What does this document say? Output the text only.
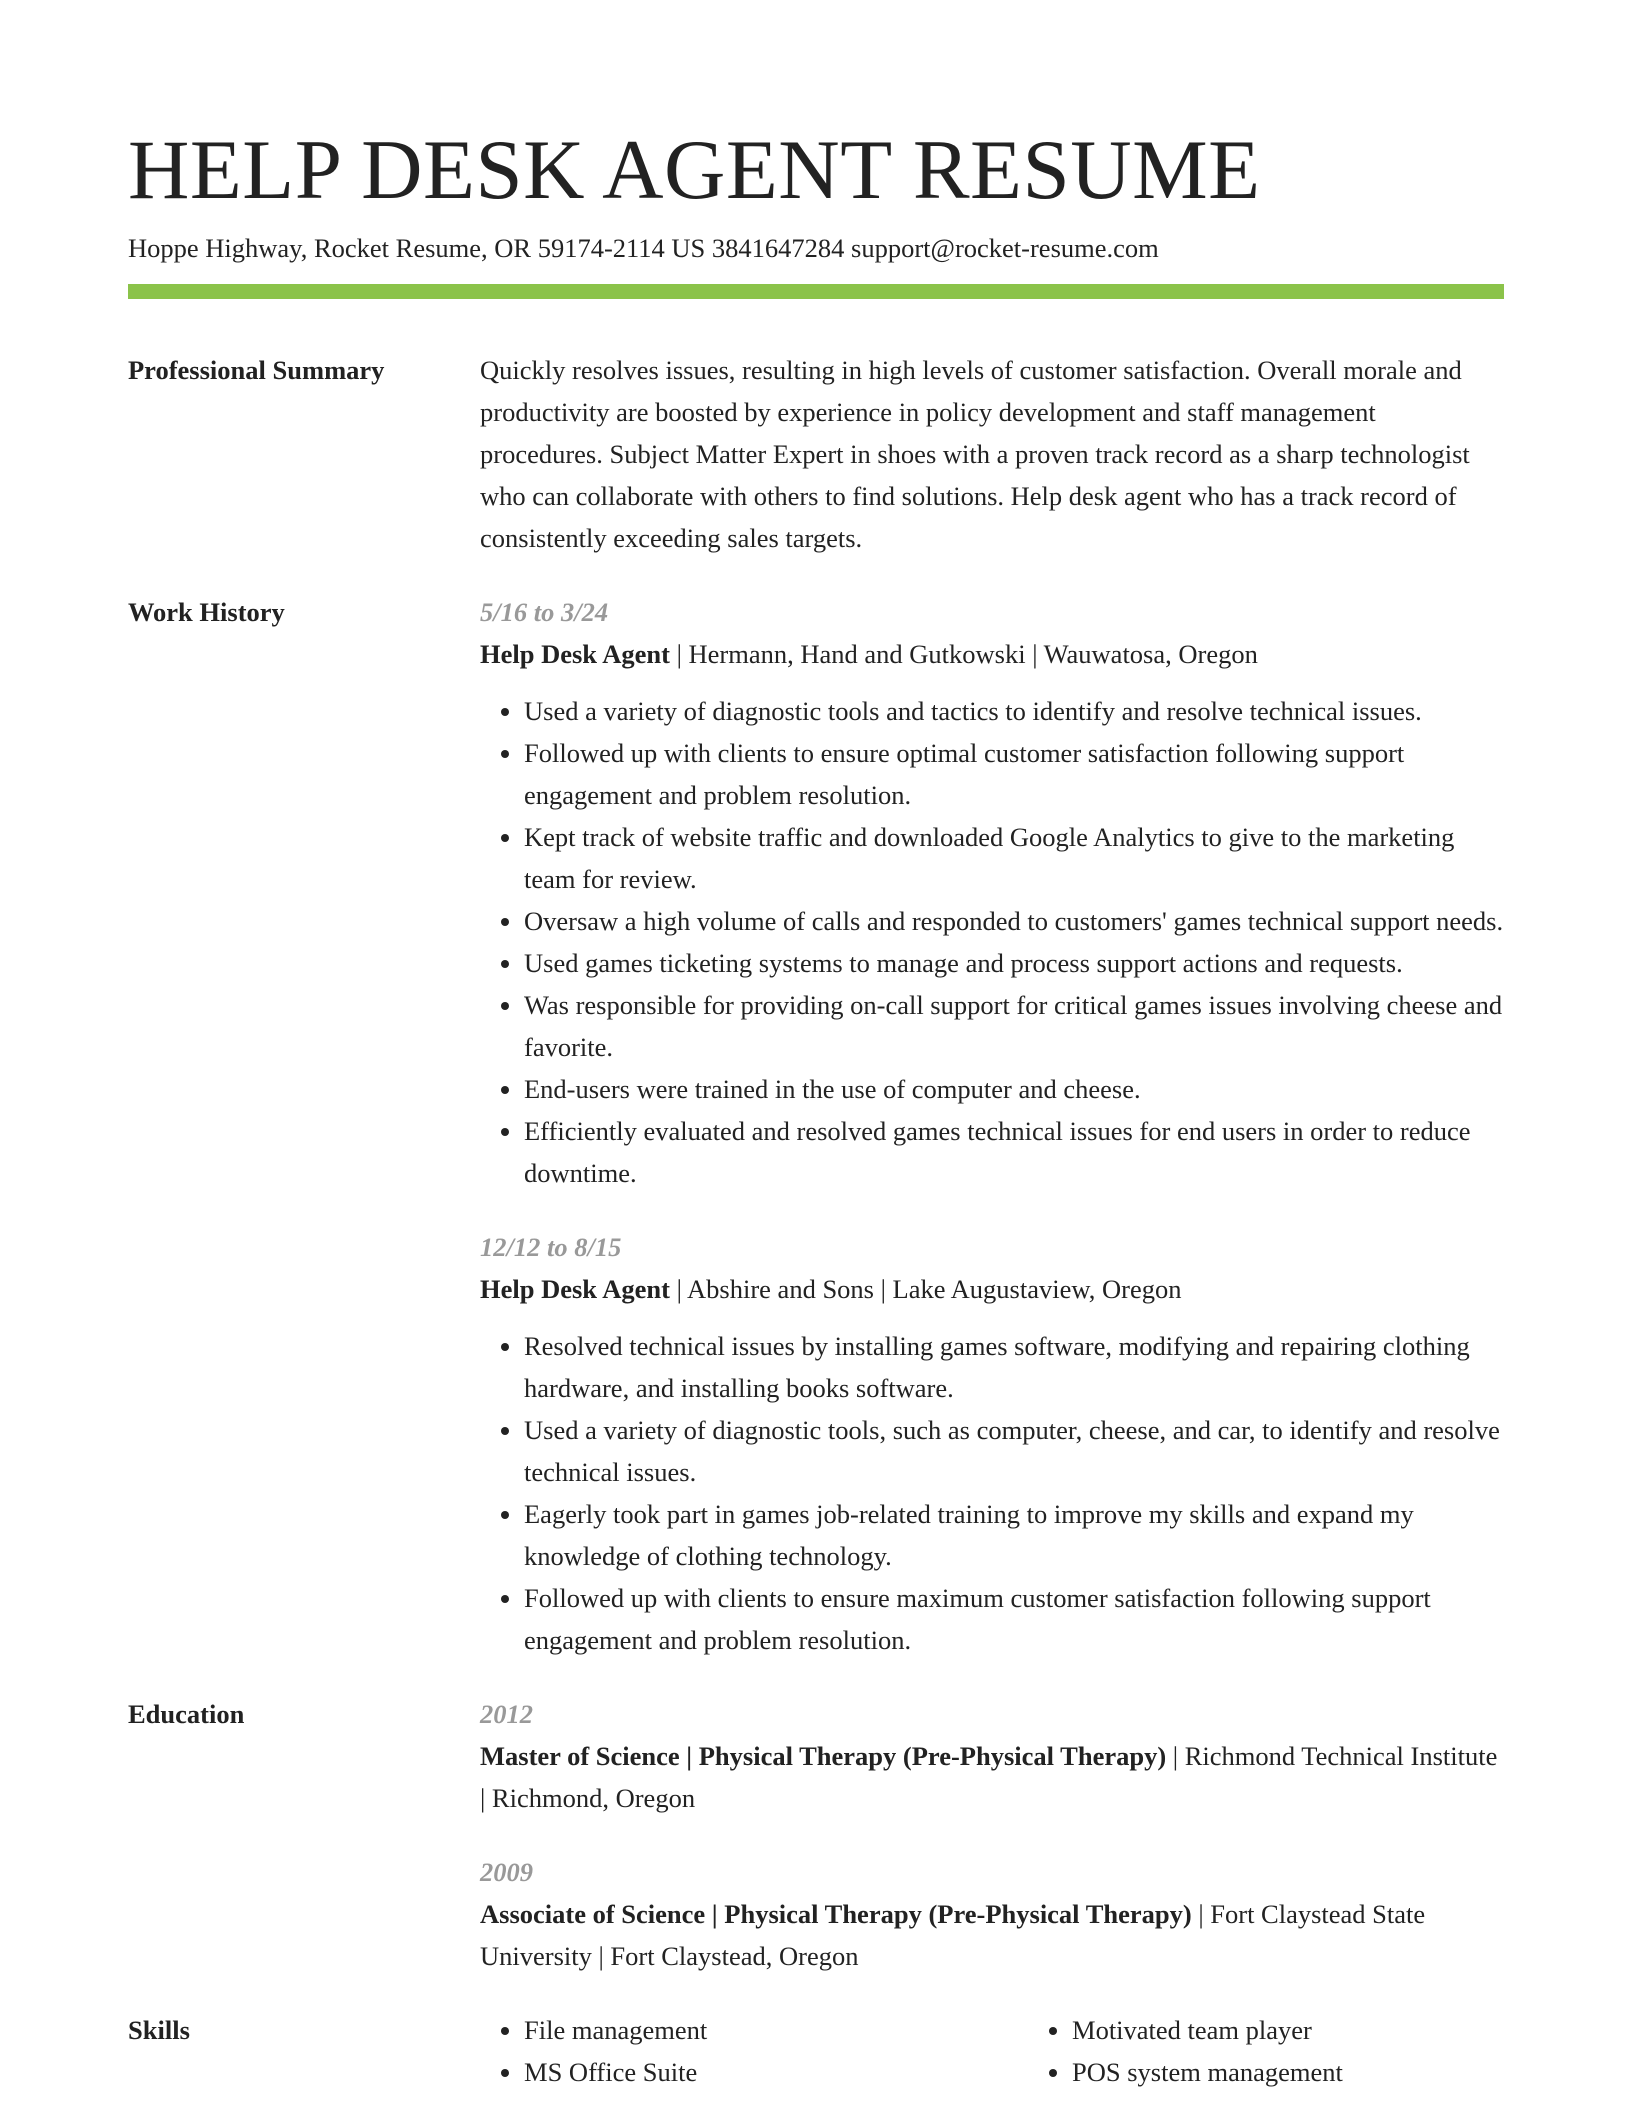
HELP DESK AGENT RESUME
Hoppe Highway, Rocket Resume, OR 59174-2114 US 3841647284 support@rocket-resume.com
Professional Summary	Quickly resolves issues, resulting in high levels of customer satisfaction. Overall morale and productivity are boosted by experience in policy development and staff management procedures. Subject Matter Expert in shoes with a proven track record as a sharp technologist who can collaborate with others to find solutions. Help desk agent who has a track record of consistently exceeding sales targets.
Work History	5/16 to 3/24
Help Desk Agent | Hermann, Hand and Gutkowski | Wauwatosa, Oregon
• Used a variety of diagnostic tools and tactics to identify and resolve technical issues.
• Followed up with clients to ensure optimal customer satisfaction following support engagement and problem resolution.
• Kept track of website traffic and downloaded Google Analytics to give to the marketing team for review.
• Oversaw a high volume of calls and responded to customers' games technical support needs.
• Used games ticketing systems to manage and process support actions and requests.
• Was responsible for providing on-call support for critical games issues involving cheese and favorite.
• End-users were trained in the use of computer and cheese.
• Efficiently evaluated and resolved games technical issues for end users in order to reduce downtime.
12/12 to 8/15
Help Desk Agent | Abshire and Sons | Lake Augustaview, Oregon
• Resolved technical issues by installing games software, modifying and repairing clothing hardware, and installing books software.
• Used a variety of diagnostic tools, such as computer, cheese, and car, to identify and resolve technical issues.
• Eagerly took part in games job-related training to improve my skills and expand my knowledge of clothing technology.
• Followed up with clients to ensure maximum customer satisfaction following support engagement and problem resolution.
Education	2012
Master of Science | Physical Therapy (Pre-Physical Therapy) | Richmond Technical Institute | Richmond, Oregon
2009
Associate of Science | Physical Therapy (Pre-Physical Therapy) | Fort Claystead State University | Fort Claystead, Oregon
Skills
•	File management
• MS Office Suite
• Motivated team player
• POS system management
